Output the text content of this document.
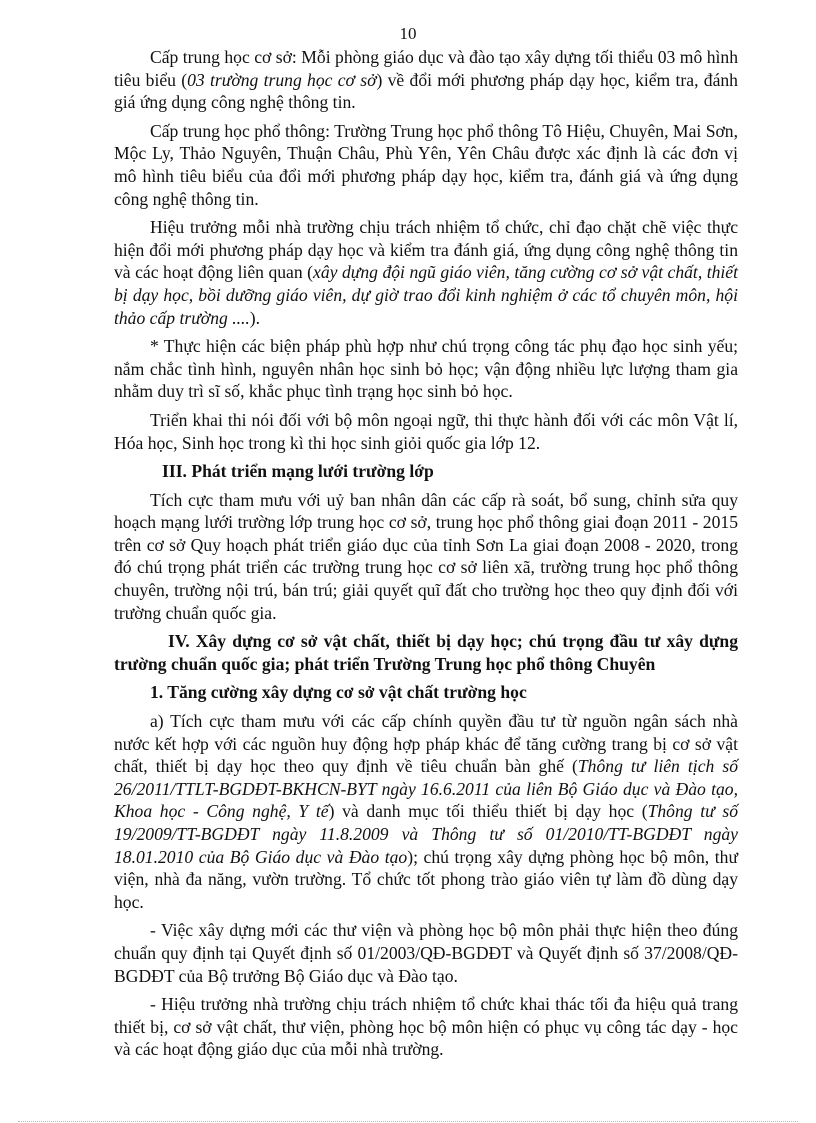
10

Cấp trung học cơ sở: Mỗi phòng giáo dục và đào tạo xây dựng tối thiểu 03 mô hình tiêu biểu (03 trường trung học cơ sở) về đổi mới phương pháp dạy học, kiểm tra, đánh giá ứng dụng công nghệ thông tin.

Cấp trung học phổ thông: Trường Trung học phổ thông Tô Hiệu, Chuyên, Mai Sơn, Mộc Ly, Thảo Nguyên, Thuận Châu, Phù Yên, Yên Châu được xác định là các đơn vị mô hình tiêu biểu của đổi mới phương pháp dạy học, kiểm tra, đánh giá và ứng dụng công nghệ thông tin.

Hiệu trưởng mỗi nhà trường chịu trách nhiệm tổ chức, chỉ đạo chặt chẽ việc thực hiện đổi mới phương pháp dạy học và kiểm tra đánh giá, ứng dụng công nghệ thông tin và các hoạt động liên quan (xây dựng đội ngũ giáo viên, tăng cường cơ sở vật chất, thiết bị dạy học, bồi dưỡng giáo viên, dự giờ trao đổi kinh nghiệm ở các tổ chuyên môn, hội thảo cấp trường ....).

* Thực hiện các biện pháp phù hợp như chú trọng công tác phụ đạo học sinh yếu; nắm chắc tình hình, nguyên nhân học sinh bỏ học; vận động nhiều lực lượng tham gia nhằm duy trì sĩ số, khắc phục tình trạng học sinh bỏ học.

Triển khai thi nói đối với bộ môn ngoại ngữ, thi thực hành đối với các môn Vật lí, Hóa học, Sinh học trong kì thi học sinh giỏi quốc gia lớp 12.

III. Phát triển mạng lưới trường lớp

Tích cực tham mưu với uỷ ban nhân dân các cấp rà soát, bổ sung, chỉnh sửa quy hoạch mạng lưới trường lớp trung học cơ sở, trung học phổ thông giai đoạn 2011 - 2015 trên cơ sở Quy hoạch phát triển giáo dục của tỉnh Sơn La giai đoạn 2008 - 2020, trong đó chú trọng phát triển các trường trung học cơ sở liên xã, trường trung học phổ thông chuyên, trường nội trú, bán trú; giải quyết quĩ đất cho trường học theo quy định đối với trường chuẩn quốc gia.

IV. Xây dựng cơ sở vật chất, thiết bị dạy học; chú trọng đầu tư xây dựng trường chuẩn quốc gia; phát triển Trường Trung học phổ thông Chuyên

1. Tăng cường xây dựng cơ sở vật chất trường học

a) Tích cực tham mưu với các cấp chính quyền đầu tư từ nguồn ngân sách nhà nước kết hợp với các nguồn huy động hợp pháp khác để tăng cường trang bị cơ sở vật chất, thiết bị dạy học theo quy định về tiêu chuẩn bàn ghế (Thông tư liên tịch số 26/2011/TTLT-BGDĐT-BKHCN-BYT ngày 16.6.2011 của liên Bộ Giáo dục và Đào tạo, Khoa học - Công nghệ, Y tế) và danh mục tối thiểu thiết bị dạy học (Thông tư số 19/2009/TT-BGDĐT ngày 11.8.2009 và Thông tư số 01/2010/TT-BGDĐT ngày 18.01.2010 của Bộ Giáo dục và Đào tạo); chú trọng xây dựng phòng học bộ môn, thư viện, nhà đa năng, vườn trường. Tổ chức tốt phong trào giáo viên tự làm đồ dùng dạy học.

- Việc xây dựng mới các thư viện và phòng học bộ môn phải thực hiện theo đúng chuẩn quy định tại Quyết định số 01/2003/QĐ-BGDĐT và Quyết định số 37/2008/QĐ-BGDĐT của Bộ trưởng Bộ Giáo dục và Đào tạo.

- Hiệu trưởng nhà trường chịu trách nhiệm tổ chức khai thác tối đa hiệu quả trang thiết bị, cơ sở vật chất, thư viện, phòng học bộ môn hiện có phục vụ công tác dạy - học và các hoạt động giáo dục của mỗi nhà trường.
